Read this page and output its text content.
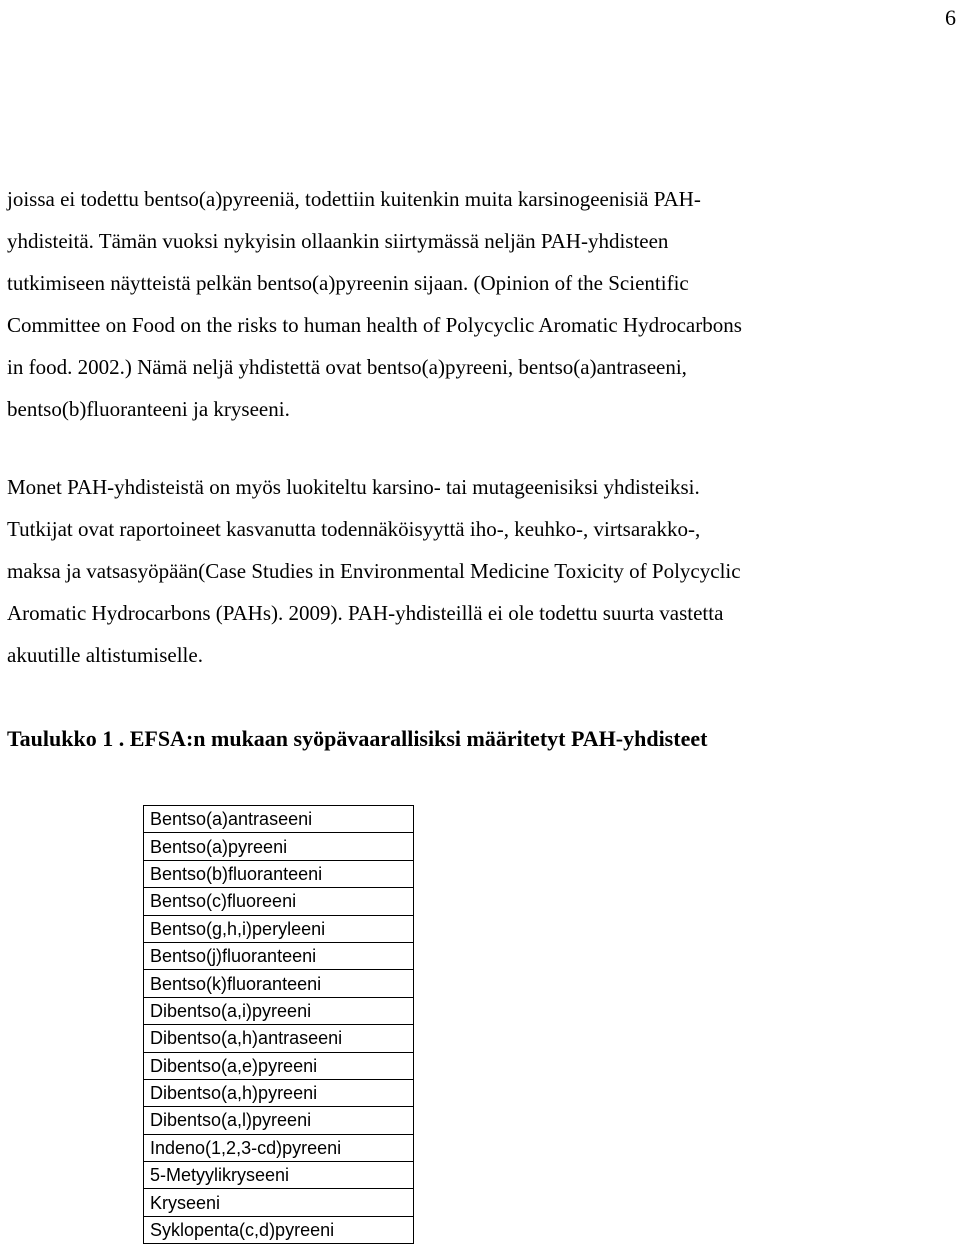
6

joissa ei todettu bentso(a)pyreeniä, todettiin kuitenkin muita karsinogeenisiä PAH-
yhdisteitä. Tämän vuoksi nykyisin ollaankin siirtymässä neljän PAH-yhdisteen
tutkimiseen näytteistä pelkän bentso(a)pyreenin sijaan. (Opinion of the Scientific
Committee on Food on the risks to human health of Polycyclic Aromatic Hydrocarbons
in food. 2002.) Nämä neljä yhdistettä ovat bentso(a)pyreeni, bentso(a)antraseeni,
bentso(b)fluoranteeni ja kryseeni.

Monet PAH-yhdisteistä on myös luokiteltu karsino- tai mutageenisiksi yhdisteiksi.
Tutkijat ovat raportoineet kasvanutta todennäköisyyttä iho-, keuhko-, virtsarakko-,
maksa ja vatsasyöpään(Case Studies in Environmental Medicine Toxicity of Polycyclic
Aromatic Hydrocarbons (PAHs). 2009). PAH-yhdisteillä ei ole todettu suurta vastetta
akuutille altistumiselle.

Taulukko 1 . EFSA:n mukaan syöpävaarallisiksi määritetyt PAH-yhdisteet

Bentso(a)antraseeni
Bentso(a)pyreeni
Bentso(b)fluoranteeni
Bentso(c)fluoreeni
Bentso(g,h,i)peryleeni
Bentso(j)fluoranteeni
Bentso(k)fluoranteeni
Dibentso(a,i)pyreeni
Dibentso(a,h)antraseeni
Dibentso(a,e)pyreeni
Dibentso(a,h)pyreeni
Dibentso(a,l)pyreeni
Indeno(1,2,3-cd)pyreeni
5-Metyylikryseeni
Kryseeni
Syklopenta(c,d)pyreeni
